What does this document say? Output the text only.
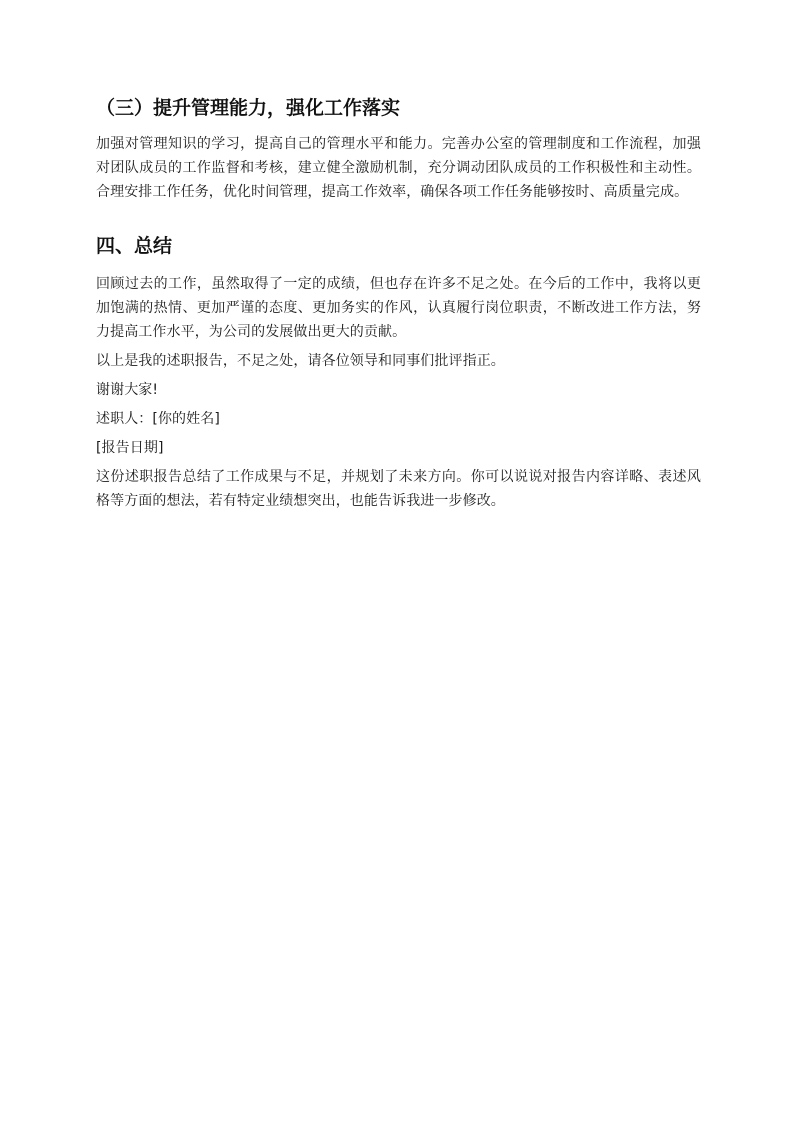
（三）提升管理能力，强化工作落实

加强对管理知识的学习，提高自己的管理水平和能力。完善办公室的管理制度和工作流程，加强对团队成员的工作监督和考核，建立健全激励机制，充分调动团队成员的工作积极性和主动性。合理安排工作任务，优化时间管理，提高工作效率，确保各项工作任务能够按时、高质量完成。

四、总结

回顾过去的工作，虽然取得了一定的成绩，但也存在许多不足之处。在今后的工作中，我将以更加饱满的热情、更加严谨的态度、更加务实的作风，认真履行岗位职责，不断改进工作方法，努力提高工作水平，为公司的发展做出更大的贡献。

以上是我的述职报告，不足之处，请各位领导和同事们批评指正。

谢谢大家!

述职人：[你的姓名]

[报告日期]

这份述职报告总结了工作成果与不足，并规划了未来方向。你可以说说对报告内容详略、表述风格等方面的想法，若有特定业绩想突出，也能告诉我进一步修改。
